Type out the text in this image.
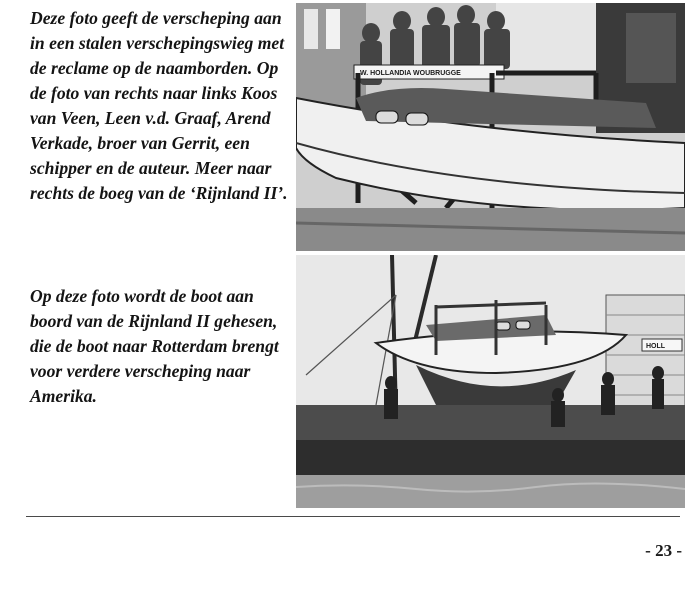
Deze foto geeft de verscheping aan in een stalen verschepingswieg met de reclame op de naamborden. Op de foto van rechts naar links Koos van Veen, Leen v.d. Graaf, Arend Verkade, broer van Gerrit, een schipper en de auteur. Meer naar rechts de boeg van de ‘Rijnland II’.

Op deze foto wordt de boot aan boord van de Rijnland II gehesen, die de boot naar Rotterdam brengt voor verdere verscheping naar Amerika.

W. HOLLANDIA WOUBRUGGE
HOLL
- 23 -
